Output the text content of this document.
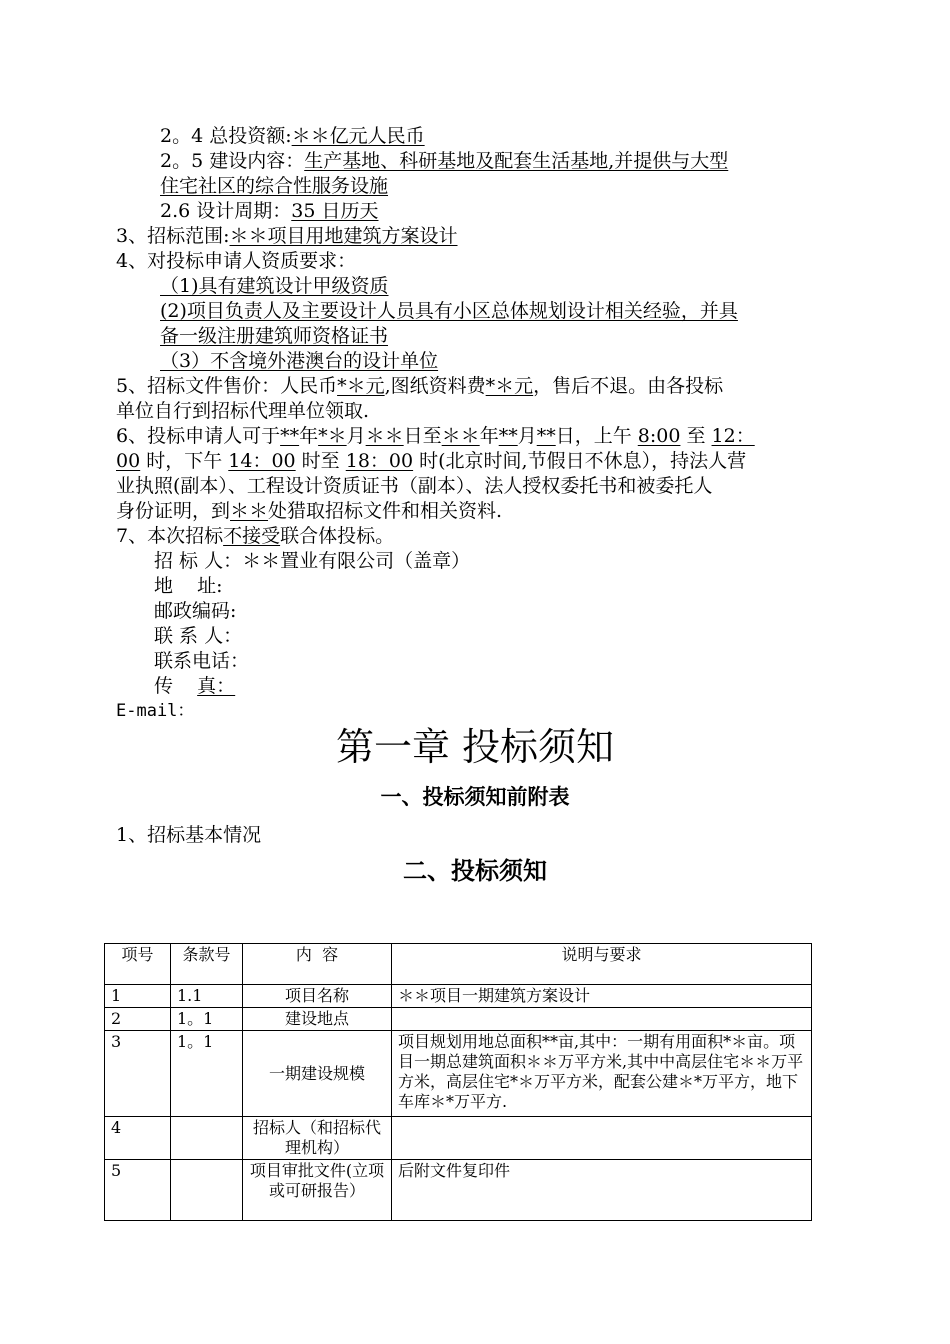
2。4 总投资额:＊＊亿元人民币
2。5 建设内容：生产基地、科研基地及配套生活基地,并提供与大型
住宅社区的综合性服务设施
2.6 设计周期：35 日历天
3、招标范围:＊＊项目用地建筑方案设计
4、对投标申请人资质要求：
（1)具有建筑设计甲级资质
(2)项目负责人及主要设计人员具有小区总体规划设计相关经验，并具
备一级注册建筑师资格证书
（3）不含境外港澳台的设计单位
5、招标文件售价：人民币*＊元,图纸资料费*＊元，售后不退。由各投标
单位自行到招标代理单位领取.
6、投标申请人可于**年*＊月＊＊日至＊＊年**月**日，上午 8:00 至 12：
00 时，下午 14：00 时至 18：00 时(北京时间,节假日不休息），持法人营
业执照(副本）、工程设计资质证书（副本）、法人授权委托书和被委托人
身份证明，到＊＊处猎取招标文件和相关资料.
7、本次招标不接受联合体投标。
招 标 人：＊＊置业有限公司（盖章）
地    址:
邮政编码:
联 系 人：
联系电话：
传    真：
E-mail：
第一章 投标须知
一、投标须知前附表
1、招标基本情况
二、投标须知
项号	条款号	内  容	说明与要求
1	1.1	项目名称	＊＊项目一期建筑方案设计
2	1。1	建设地点	
3	1。1	一期建设规模	项目规划用地总面积**亩,其中：一期有用面积*＊亩。项目一期总建筑面积＊＊万平方米,其中中高层住宅＊＊万平方米，高层住宅*＊万平方米，配套公建＊*万平方，地下车库＊*万平方.
4		招标人（和招标代理机构）	
5		项目审批文件(立项或可研报告）	后附文件复印件
